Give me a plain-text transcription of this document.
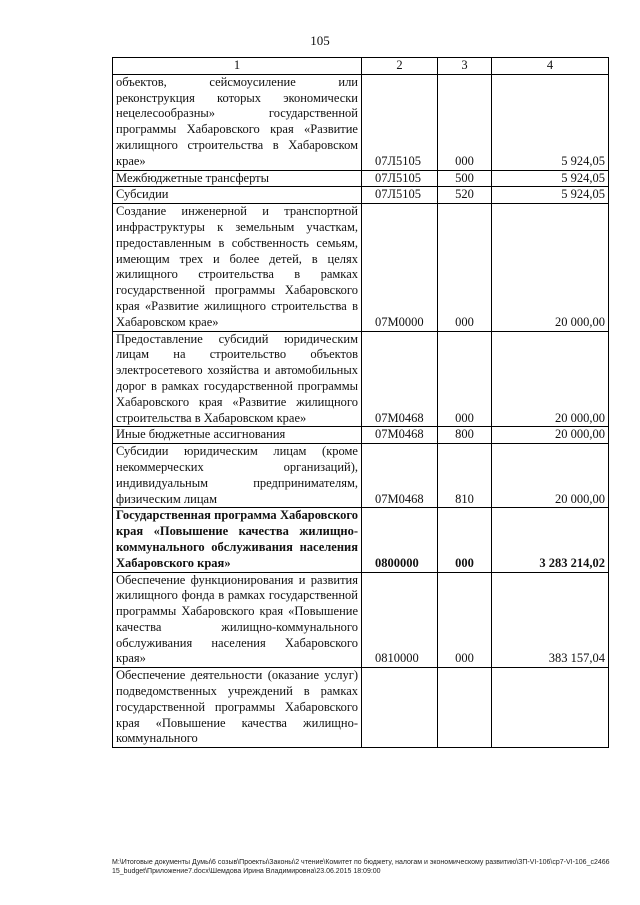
105
1	2	3	4
объектов, сейсмоусиление или реконструкция которых экономически нецелесообразны» государственной программы Хабаровского края «Развитие жилищного строительства в Хабаровском крае»	07Л5105	000	5 924,05
Межбюджетные трансферты	07Л5105	500	5 924,05
Субсидии	07Л5105	520	5 924,05
Создание инженерной и транспортной инфраструктуры к земельным участкам, предоставленным в собственность семьям, имеющим трех и более детей, в целях жилищного строительства в рамках государственной программы Хабаровского края «Развитие жилищного строительства в Хабаровском крае»	07М0000	000	20 000,00
Предоставление субсидий юридическим лицам на строительство объектов электросетевого хозяйства и автомобильных дорог в рамках государственной программы Хабаровского края «Развитие жилищного строительства в Хабаровском крае»	07М0468	000	20 000,00
Иные бюджетные ассигнования	07М0468	800	20 000,00
Субсидии юридическим лицам (кроме некоммерческих организаций), индивидуальным предпринимателям, физическим лицам	07М0468	810	20 000,00
Государственная программа Хабаровского края «Повышение качества жилищно-коммунального обслуживания населения Хабаровского края»	0800000	000	3 283 214,02
Обеспечение функционирования и развития жилищного фонда в рамках государственной программы Хабаровского края «Повышение качества жилищно-коммунального обслуживания населения Хабаровского края»	0810000	000	383 157,04
Обеспечение деятельности (оказание услуг) подведомственных учреждений в рамках государственной программы Хабаровского края «Повышение качества жилищно-коммунального			
M:\Итоговые документы Думы\6 созыв\Проекты\Законы\2 чтение\Комитет по бюджету, налогам и экономическому развитию\ЗП-VI-106\ср7-VI-106_с246615_budget\Приложение7.docx\Шемдова Ирина Владимировна\23.06.2015 18:09:00
